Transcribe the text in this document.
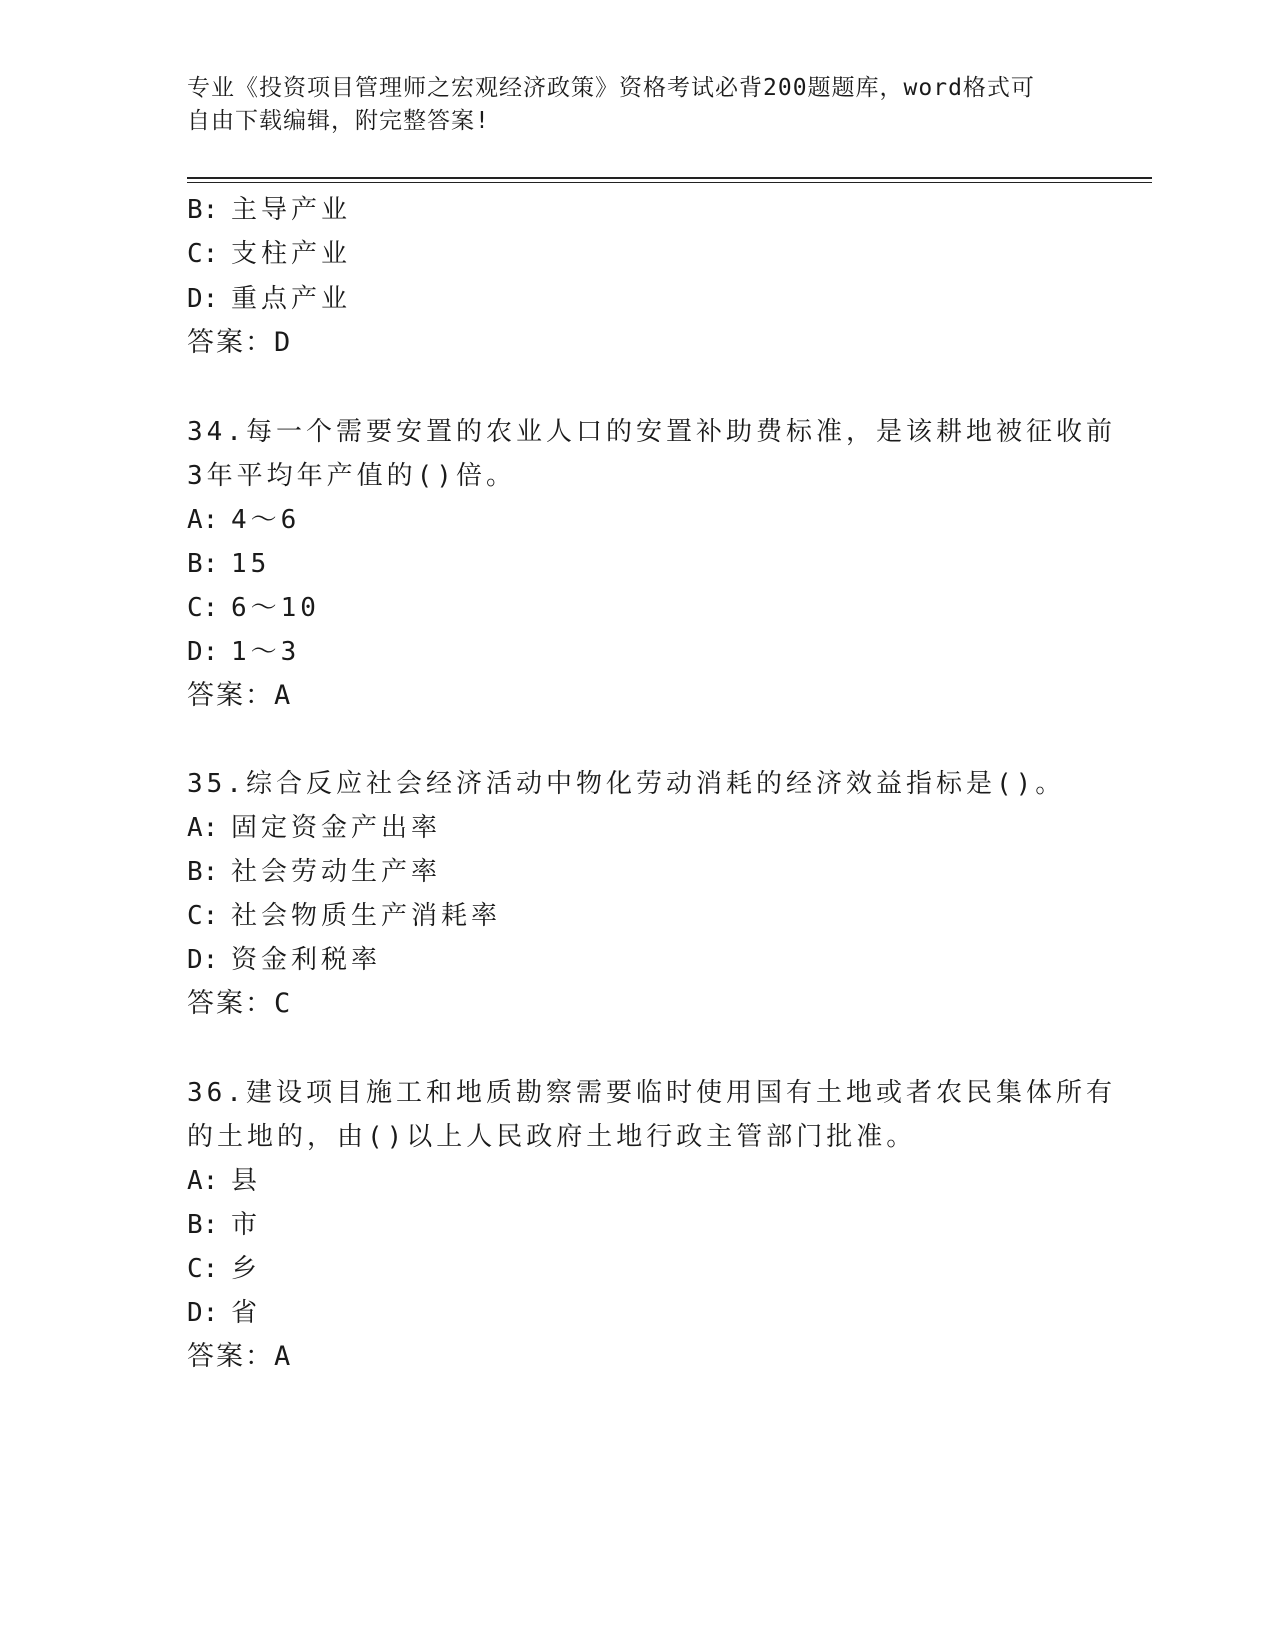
专业《投资项目管理师之宏观经济政策》资格考试必背200题题库，word格式可
自由下载编辑，附完整答案!
B: 主导产业
C: 支柱产业
D: 重点产业
答案：D
34.每一个需要安置的农业人口的安置补助费标准，是该耕地被征收前
3年平均年产值的()倍。
A: 4～6
B: 15
C: 6～10
D: 1～3
答案：A
35.综合反应社会经济活动中物化劳动消耗的经济效益指标是()。
A: 固定资金产出率
B: 社会劳动生产率
C: 社会物质生产消耗率
D: 资金利税率
答案：C
36.建设项目施工和地质勘察需要临时使用国有土地或者农民集体所有
的土地的，由()以上人民政府土地行政主管部门批准。
A: 县
B: 市
C: 乡
D: 省
答案：A
